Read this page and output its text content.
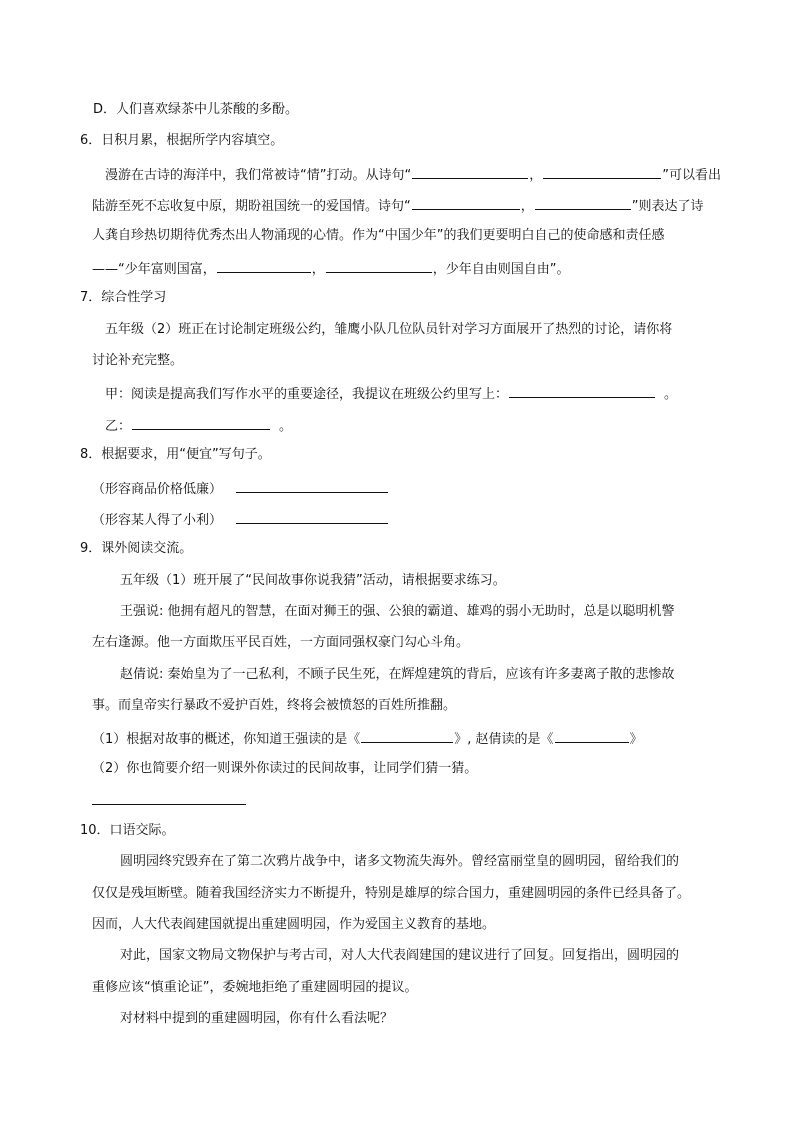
D．人们喜欢绿茶中儿茶酸的多酚。
6．日积月累，根据所学内容填空。
漫游在古诗的海洋中，我们常被诗“情”打动。从诗句“	，	”可以看出
陆游至死不忘收复中原，期盼祖国统一的爱国情。诗句“	，	”则表达了诗
人龚自珍热切期待优秀杰出人物涌现的心情。作为“中国少年”的我们更要明白自己的使命感和责任感
——“少年富则国富，	，	，少年自由则国自由”。
7．综合性学习
五年级（2）班正在讨论制定班级公约，雏鹰小队几位队员针对学习方面展开了热烈的讨论，请你将
讨论补充完整。
甲：阅读是提高我们写作水平的重要途径，我提议在班级公约里写上：	。
乙：	。
8．根据要求，用“便宜”写句子。
（形容商品价格低廉）
（形容某人得了小利）
9．课外阅读交流。
五年级（1）班开展了“民间故事你说我猜”活动，请根据要求练习。
王强说: 他拥有超凡的智慧，在面对狮王的强、公狼的霸道、雄鸡的弱小无助时，总是以聪明机警
左右逢源。他一方面欺压平民百姓，一方面同强权豪门勾心斗角。
赵倩说: 秦始皇为了一己私利，不顾子民生死，在辉煌建筑的背后，应该有许多妻离子散的悲惨故
事。而皇帝实行暴政不爱护百姓，终将会被愤怒的百姓所推翻。
（1）根据对故事的概述，你知道王强读的是《	》, 赵倩读的是《	》
（2）你也简要介绍一则课外你读过的民间故事，让同学们猜一猜。
10．口语交际。
圆明园终究毁弃在了第二次鸦片战争中，诸多文物流失海外。曾经富丽堂皇的圆明园，留给我们的
仅仅是残垣断壁。随着我国经济实力不断提升，特别是雄厚的综合国力，重建圆明园的条件已经具备了。
因而，人大代表阎建国就提出重建圆明园，作为爱国主义教育的基地。
对此，国家文物局文物保护与考古司，对人大代表阎建国的建议进行了回复。回复指出，圆明园的
重修应该“慎重论证”，委婉地拒绝了重建圆明园的提议。
对材料中提到的重建圆明园，你有什么看法呢？
